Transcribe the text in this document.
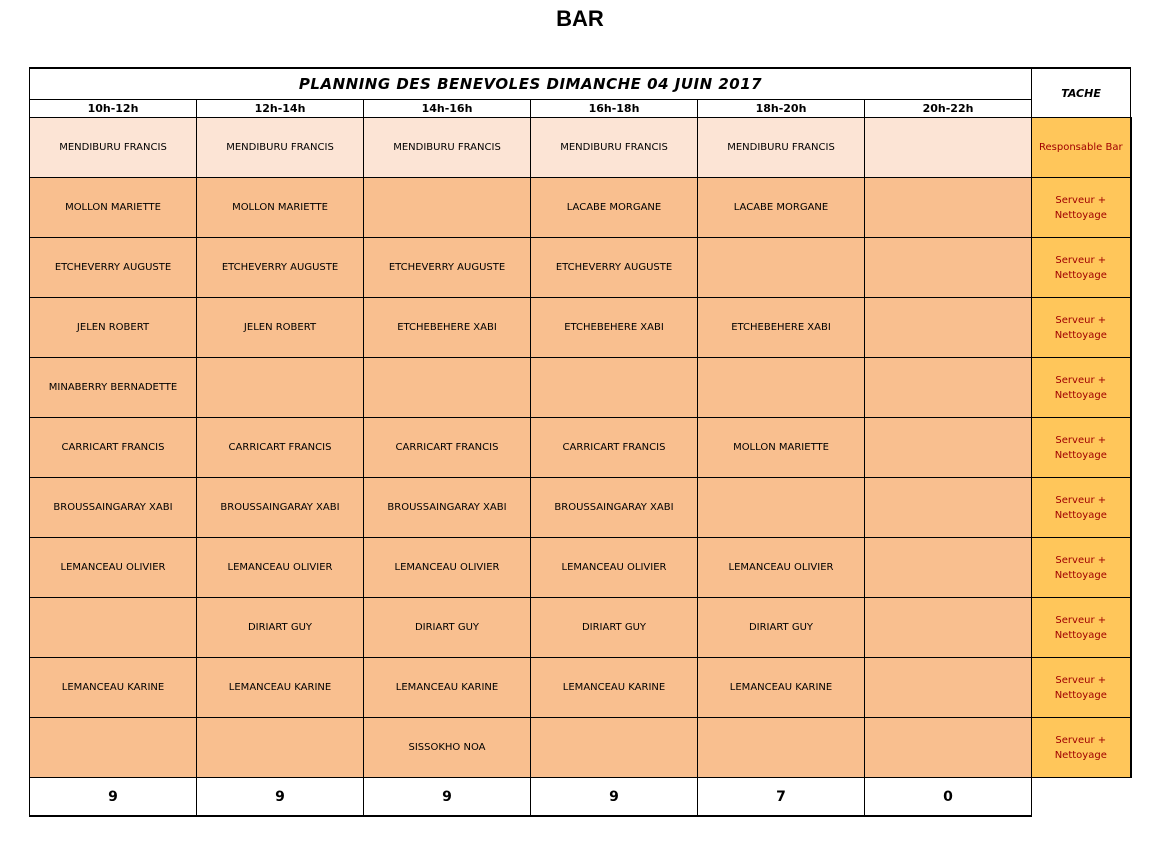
BAR
PLANNING DES BENEVOLES DIMANCHE 04 JUIN 2017						TACHE
10h-12h	12h-14h	14h-16h	16h-18h	18h-20h	20h-22h	
MENDIBURU FRANCIS	MENDIBURU FRANCIS	MENDIBURU FRANCIS	MENDIBURU FRANCIS	MENDIBURU FRANCIS		Responsable Bar

MOLLON MARIETTE	MOLLON MARIETTE		LACABE MORGANE	LACABE MORGANE		Serveur +
Nettoyage

ETCHEVERRY AUGUSTE	ETCHEVERRY AUGUSTE	ETCHEVERRY AUGUSTE	ETCHEVERRY AUGUSTE			Serveur +
Nettoyage

JELEN ROBERT	JELEN ROBERT	ETCHEBEHERE XABI	ETCHEBEHERE XABI	ETCHEBEHERE XABI		Serveur +
Nettoyage

MINABERRY BERNADETTE						Serveur +
Nettoyage

CARRICART FRANCIS	CARRICART FRANCIS	CARRICART FRANCIS	CARRICART FRANCIS	MOLLON MARIETTE		Serveur +
Nettoyage

BROUSSAINGARAY XABI	BROUSSAINGARAY XABI	BROUSSAINGARAY XABI	BROUSSAINGARAY XABI			Serveur +
Nettoyage

LEMANCEAU OLIVIER	LEMANCEAU OLIVIER	LEMANCEAU OLIVIER	LEMANCEAU OLIVIER	LEMANCEAU OLIVIER		Serveur +
Nettoyage

	DIRIART GUY	DIRIART GUY	DIRIART GUY	DIRIART GUY		Serveur +
Nettoyage

LEMANCEAU KARINE	LEMANCEAU KARINE	LEMANCEAU KARINE	LEMANCEAU KARINE	LEMANCEAU KARINE		Serveur +
Nettoyage

		SISSOKHO NOA				Serveur +
Nettoyage

9	9	9	9	7	0	
